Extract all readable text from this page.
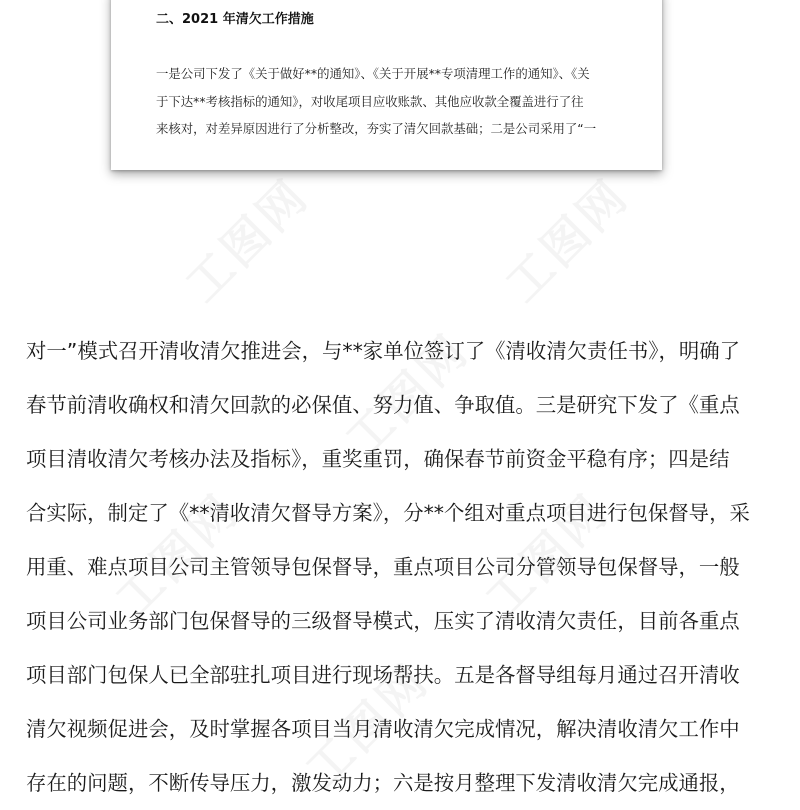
二、2021 年清欠工作措施
一是公司下发了《关于做好**的通知》、《关于开展**专项清理工作的通知》、《关
于下达**考核指标的通知》，对收尾项目应收账款、其他应收款全覆盖进行了往
来核对，对差异原因进行了分析整改，夯实了清欠回款基础；二是公司采用了“一
对一”模式召开清收清欠推进会，与**家单位签订了《清收清欠责任书》，明确了
春节前清收确权和清欠回款的必保值、努力值、争取值。三是研究下发了《重点
项目清收清欠考核办法及指标》，重奖重罚，确保春节前资金平稳有序；四是结
合实际，制定了《**清收清欠督导方案》，分**个组对重点项目进行包保督导，采
用重、难点项目公司主管领导包保督导，重点项目公司分管领导包保督导，一般
项目公司业务部门包保督导的三级督导模式，压实了清收清欠责任，目前各重点
项目部门包保人已全部驻扎项目进行现场帮扶。五是各督导组每月通过召开清收
清欠视频促进会，及时掌握各项目当月清收清欠完成情况，解决清收清欠工作中
存在的问题，不断传导压力，激发动力；六是按月整理下发清收清欠完成通报，
